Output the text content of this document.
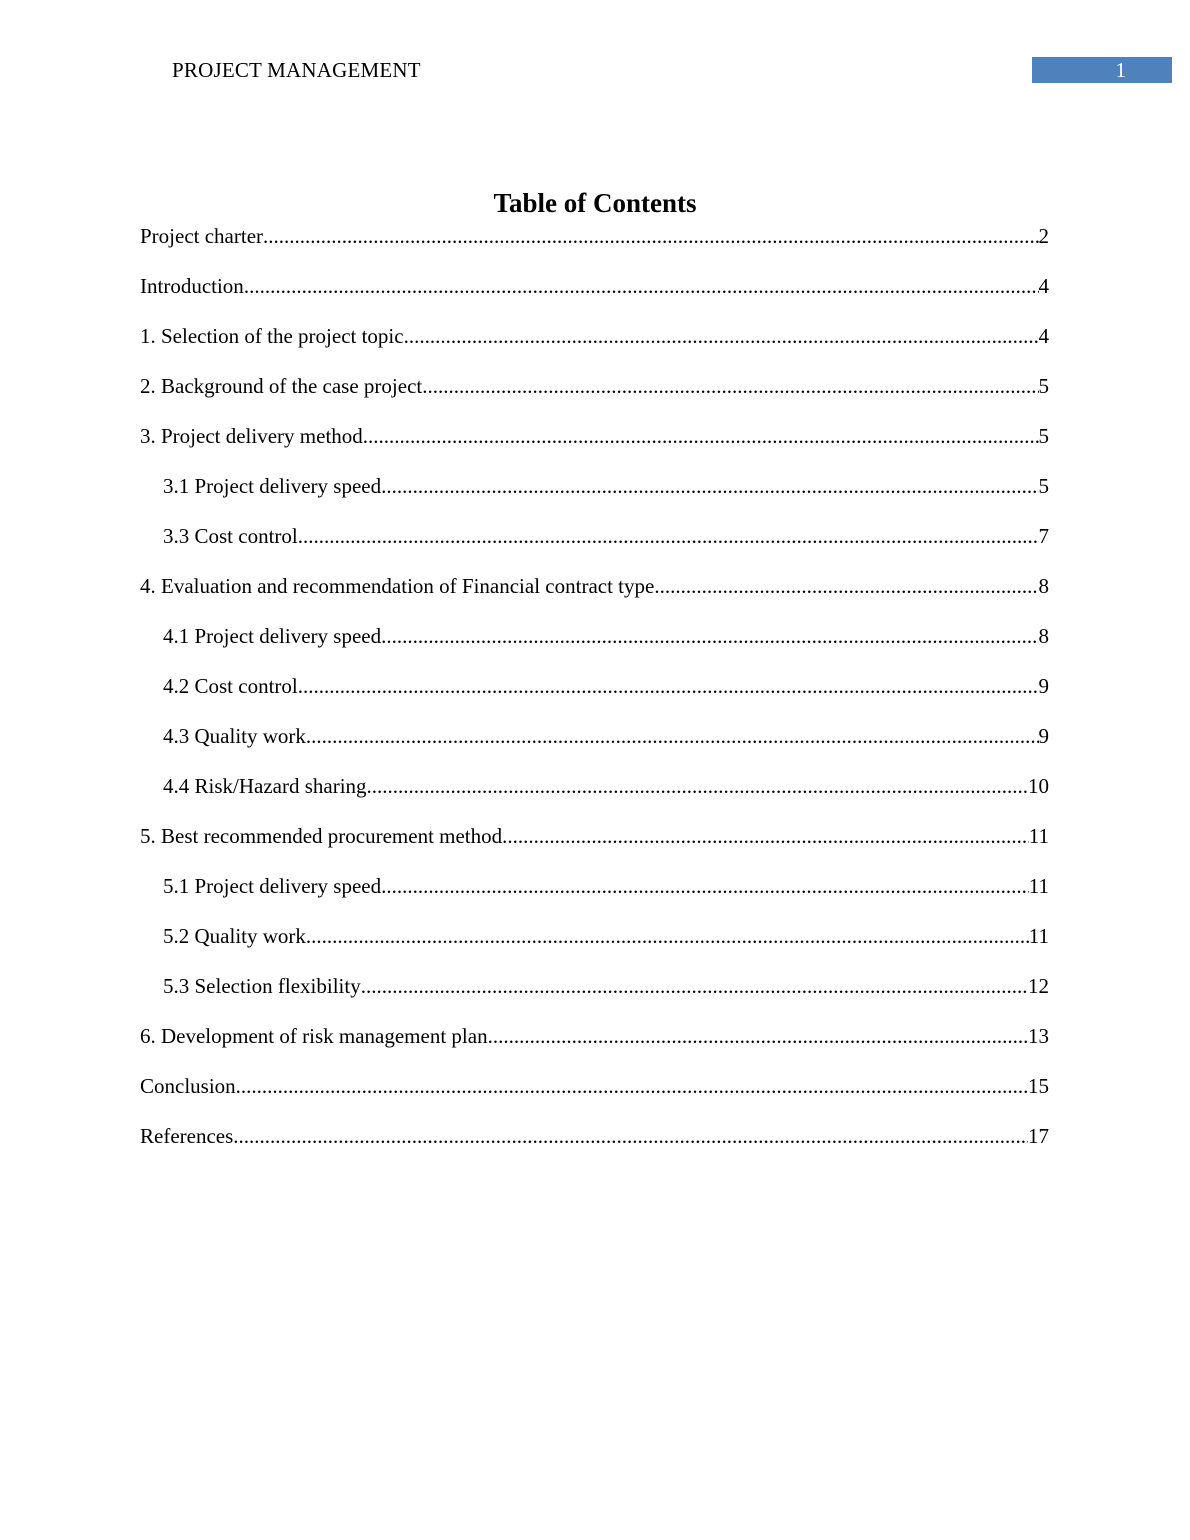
PROJECT MANAGEMENT	1
Table of Contents
Project charter .....	2
Introduction .....	4
1. Selection of the project topic .....	4
2. Background of the case project .....	5
3. Project delivery method .....	5
3.1 Project delivery speed .....	5
3.3 Cost control .....	7
4. Evaluation and recommendation of Financial contract type .....	8
4.1 Project delivery speed .....	8
4.2 Cost control .....	9
4.3 Quality work .....	9
4.4 Risk/Hazard sharing .....	10
5. Best recommended procurement method .....	11
5.1 Project delivery speed .....	11
5.2 Quality work .....	11
5.3 Selection flexibility .....	12
6. Development of risk management plan .....	13
Conclusion .....	15
References .....	17
